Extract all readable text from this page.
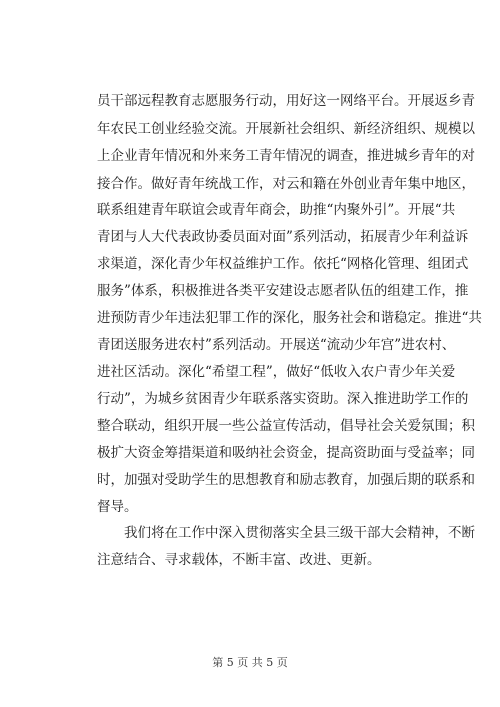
员干部远程教育志愿服务行动，用好这一网络平台。开展返乡青
年农民工创业经验交流。开展新社会组织、新经济组织、规模以
上企业青年情况和外来务工青年情况的调查，推进城乡青年的对
接合作。做好青年统战工作，对云和籍在外创业青年集中地区，
联系组建青年联谊会或青年商会，助推“内聚外引”。开展“共
青团与人大代表政协委员面对面”系列活动，拓展青少年利益诉
求渠道，深化青少年权益维护工作。依托“网格化管理、组团式
服务”体系，积极推进各类平安建设志愿者队伍的组建工作，推
进预防青少年违法犯罪工作的深化，服务社会和谐稳定。推进“共
青团送服务进农村”系列活动。开展送“流动少年宫”进农村、
进社区活动。深化“希望工程”，做好“低收入农户青少年关爱
行动”，为城乡贫困青少年联系落实资助。深入推进助学工作的
整合联动，组织开展一些公益宣传活动，倡导社会关爱氛围；积
极扩大资金筹措渠道和吸纳社会资金，提高资助面与受益率；同
时，加强对受助学生的思想教育和励志教育，加强后期的联系和
督导。
我们将在工作中深入贯彻落实全县三级干部大会精神，不断
注意结合、寻求载体，不断丰富、改进、更新。
第 5 页 共 5 页
